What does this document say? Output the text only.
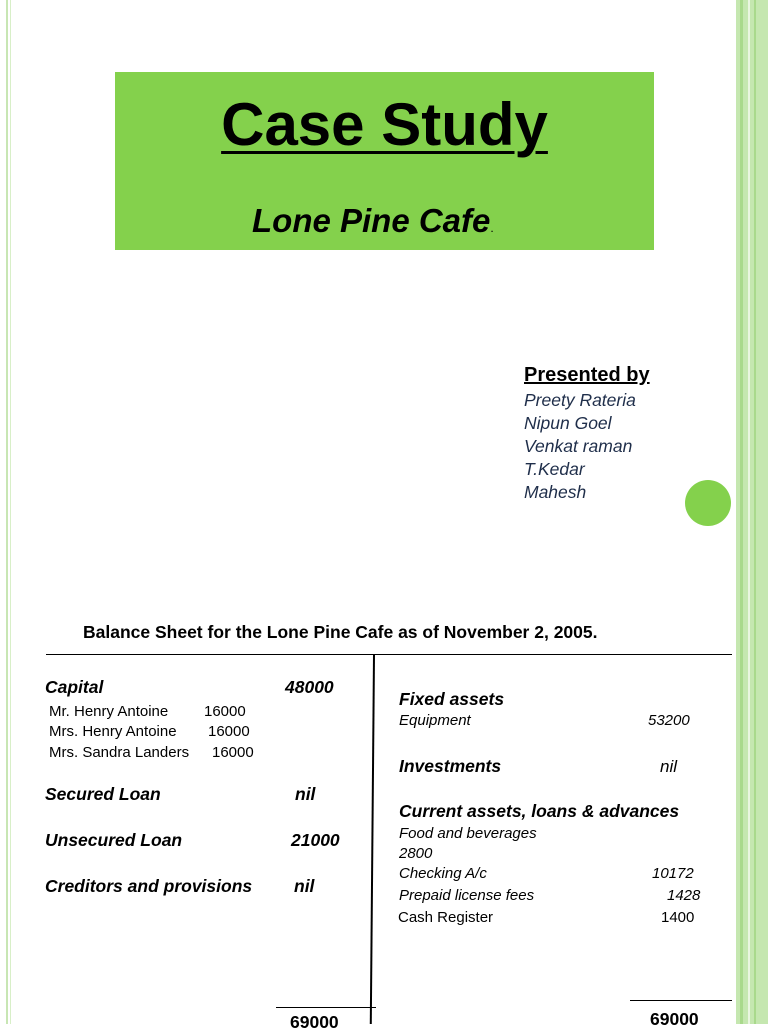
Case Study
Lone Pine Cafe.
Presented by
Preety Rateria
Nipun Goel
Venkat raman
T.Kedar
Mahesh
Balance Sheet for the Lone Pine Cafe as of November 2, 2005.
Capital	48000
Mr. Henry Antoine 16000
Mrs. Henry Antoine 16000
Mrs. Sandra Landers 16000
Secured Loan	nil
Unsecured Loan	21000
Creditors and provisions nil
69000
Fixed assets
Equipment	53200
Investments	nil
Current assets, loans & advances
Food and beverages
2800
Checking A/c	10172
Prepaid license fees	1428
Cash Register	1400
69000
